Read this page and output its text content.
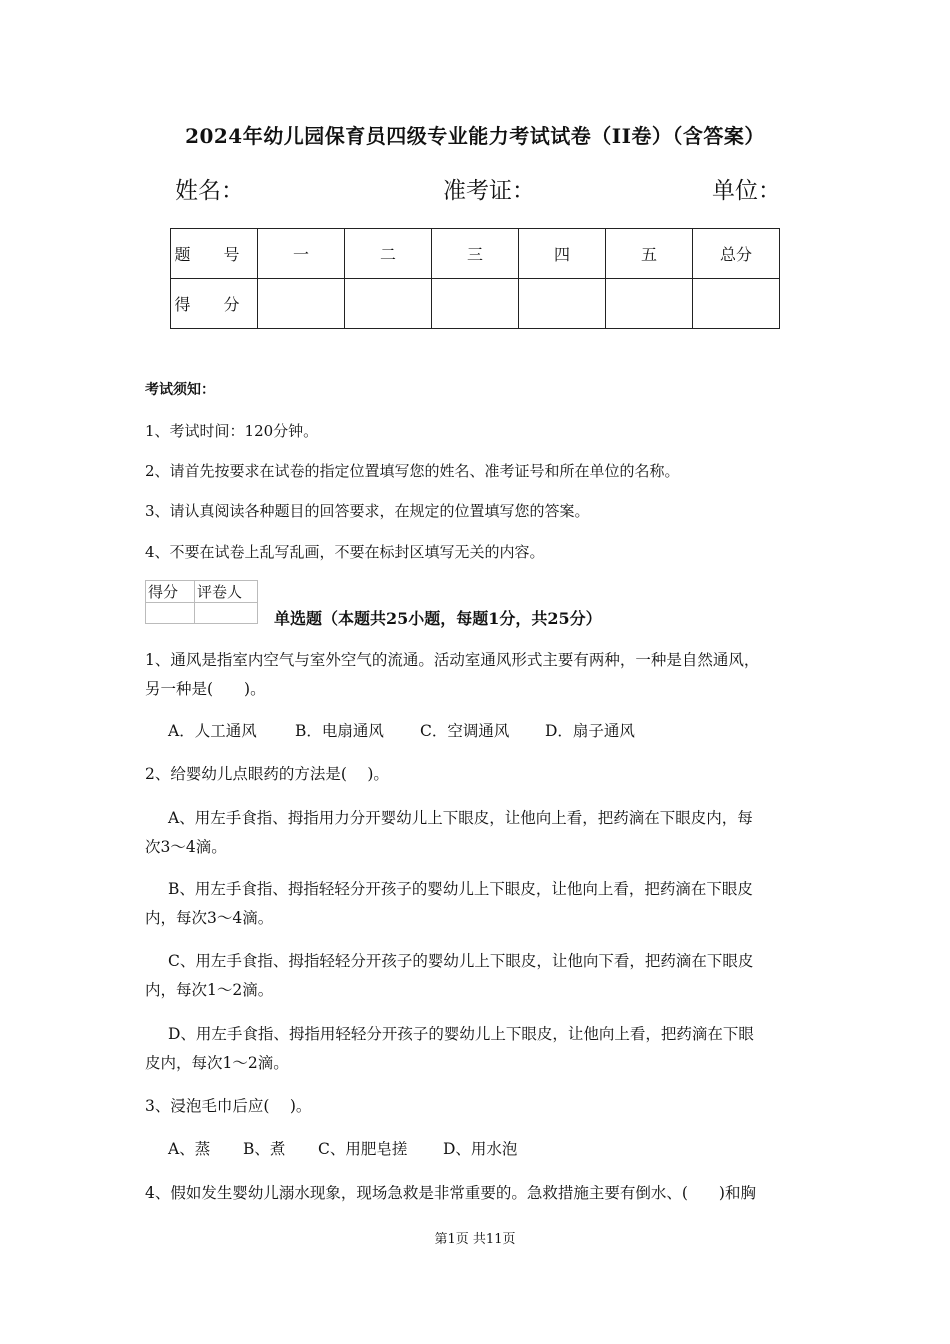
2024年幼儿园保育员四级专业能力考试试卷（II卷）（含答案）
姓名：	准考证：	单位：
题 号	一	二	三	四	五	总分
得 分						
考试须知：
1、考试时间：120分钟。
2、请首先按要求在试卷的指定位置填写您的姓名、准考证号和所在单位的名称。
3、请认真阅读各种题目的回答要求，在规定的位置填写您的答案。
4、不要在试卷上乱写乱画，不要在标封区填写无关的内容。
得分	评卷人

单选题（本题共25小题，每题1分，共25分）
1、通风是指室内空气与室外空气的流通。活动室通风形式主要有两种，一种是自然通风，
另一种是(　　)。
A．人工通风 B．电扇通风 C．空调通风 D．扇子通风
2、给婴幼儿点眼药的方法是(　 )。
A、用左手食指、拇指用力分开婴幼儿上下眼皮，让他向上看，把药滴在下眼皮内，每
次3～4滴。
B、用左手食指、拇指轻轻分开孩子的婴幼儿上下眼皮，让他向上看，把药滴在下眼皮
内，每次3～4滴。
C、用左手食指、拇指轻轻分开孩子的婴幼儿上下眼皮，让他向下看，把药滴在下眼皮
内，每次1～2滴。
D、用左手食指、拇指用轻轻分开孩子的婴幼儿上下眼皮，让他向上看，把药滴在下眼
皮内，每次1～2滴。
3、浸泡毛巾后应(　 )。
A、蒸 B、煮 C、用肥皂搓 D、用水泡
4、假如发生婴幼儿溺水现象，现场急救是非常重要的。急救措施主要有倒水、(　　)和胸
第1页 共11页
